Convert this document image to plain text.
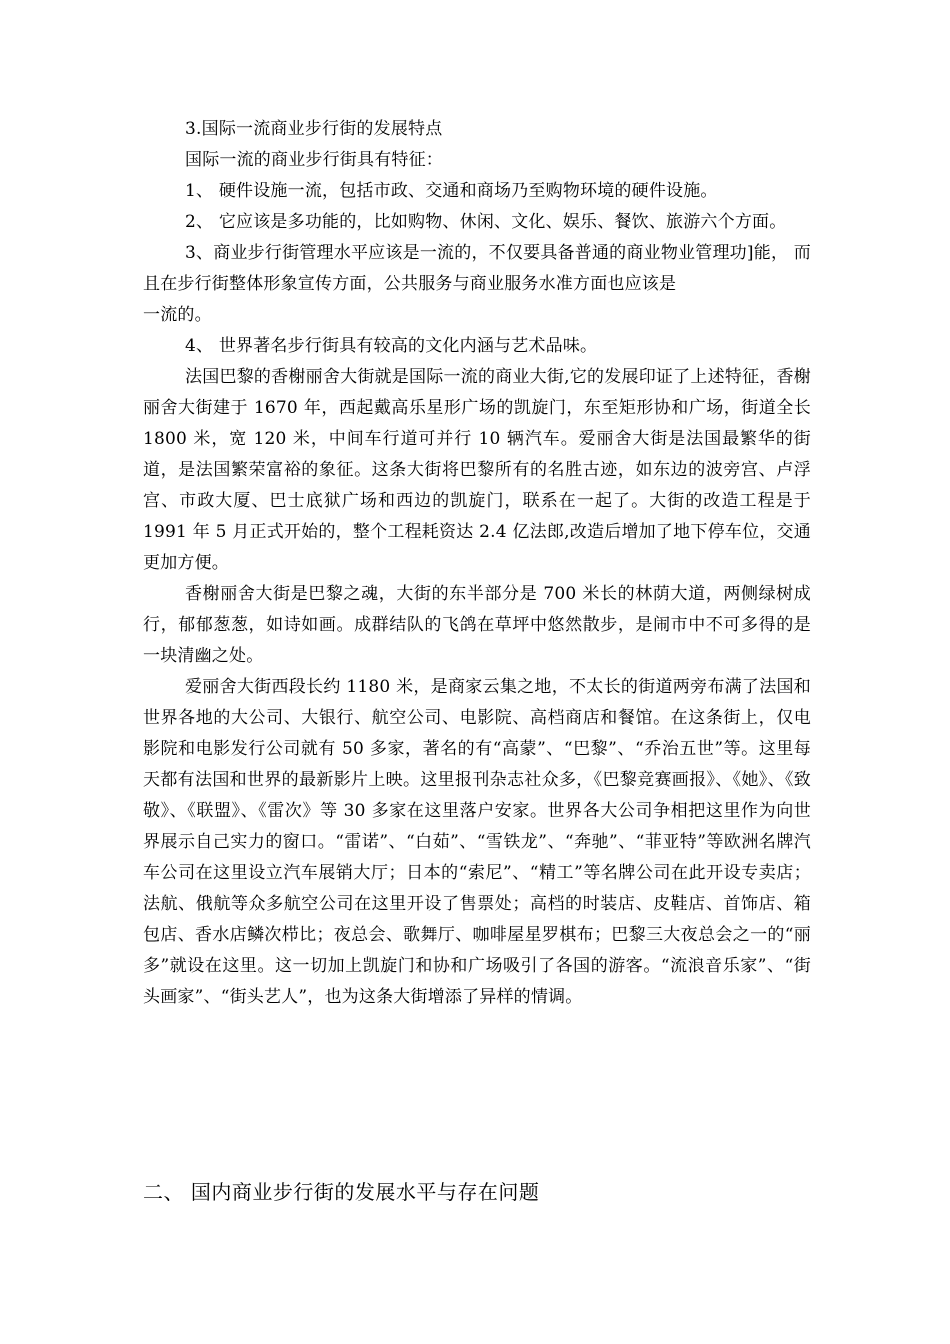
3.国际一流商业步行街的发展特点

国际一流的商业步行街具有特征：

1、 硬件设施一流，包括市政、交通和商场乃至购物环境的硬件设施。

2、 它应该是多功能的，比如购物、休闲、文化、娱乐、餐饮、旅游六个方面。

3、商业步行街管理水平应该是一流的，不仅要具备普通的商业物业管理功]能， 而且在步行街整体形象宣传方面，公共服务与商业服务水准方面也应该是

一流的。

4、 世界著名步行街具有较高的文化内涵与艺术品味。

法国巴黎的香榭丽舍大街就是国际一流的商业大街,它的发展印证了上述特征，香榭丽舍大街建于 1670 年，西起戴高乐星形广场的凯旋门，东至矩形协和广场，街道全长 1800 米，宽 120 米，中间车行道可并行 10 辆汽车。爱丽舍大街是法国最繁华的街道，是法国繁荣富裕的象征。这条大街将巴黎所有的名胜古迹，如东边的波旁宫、卢浮宫、市政大厦、巴士底狱广场和西边的凯旋门，联系在一起了。大街的改造工程是于 1991 年 5 月正式开始的，整个工程耗资达 2.4 亿法郎,改造后增加了地下停车位，交通更加方便。

香榭丽舍大街是巴黎之魂，大街的东半部分是 700 米长的林荫大道，两侧绿树成行，郁郁葱葱，如诗如画。成群结队的飞鸽在草坪中悠然散步，是闹市中不可多得的是一块清幽之处。

爱丽舍大街西段长约 1180 米，是商家云集之地，不太长的街道两旁布满了法国和世界各地的大公司、大银行、航空公司、电影院、高档商店和餐馆。在这条街上，仅电影院和电影发行公司就有 50 多家，著名的有“高蒙”、“巴黎”、“乔治五世”等。这里每天都有法国和世界的最新影片上映。这里报刊杂志社众多，《巴黎竞赛画报》、《她》、《致敬》、《联盟》、《雷次》等 30 多家在这里落户安家。世界各大公司争相把这里作为向世界展示自己实力的窗口。“雷诺”、“白茹”、“雪铁龙”、“奔驰”、“菲亚特”等欧洲名牌汽车公司在这里设立汽车展销大厅；日本的“索尼”、“精工”等名牌公司在此开设专卖店；法航、俄航等众多航空公司在这里开设了售票处；高档的时装店、皮鞋店、首饰店、箱包店、香水店鳞次栉比；夜总会、歌舞厅、咖啡屋星罗棋布；巴黎三大夜总会之一的“丽多”就设在这里。这一切加上凯旋门和协和广场吸引了各国的游客。“流浪音乐家”、“街头画家”、“街头艺人”，也为这条大街增添了异样的情调。

二、 国内商业步行街的发展水平与存在问题
